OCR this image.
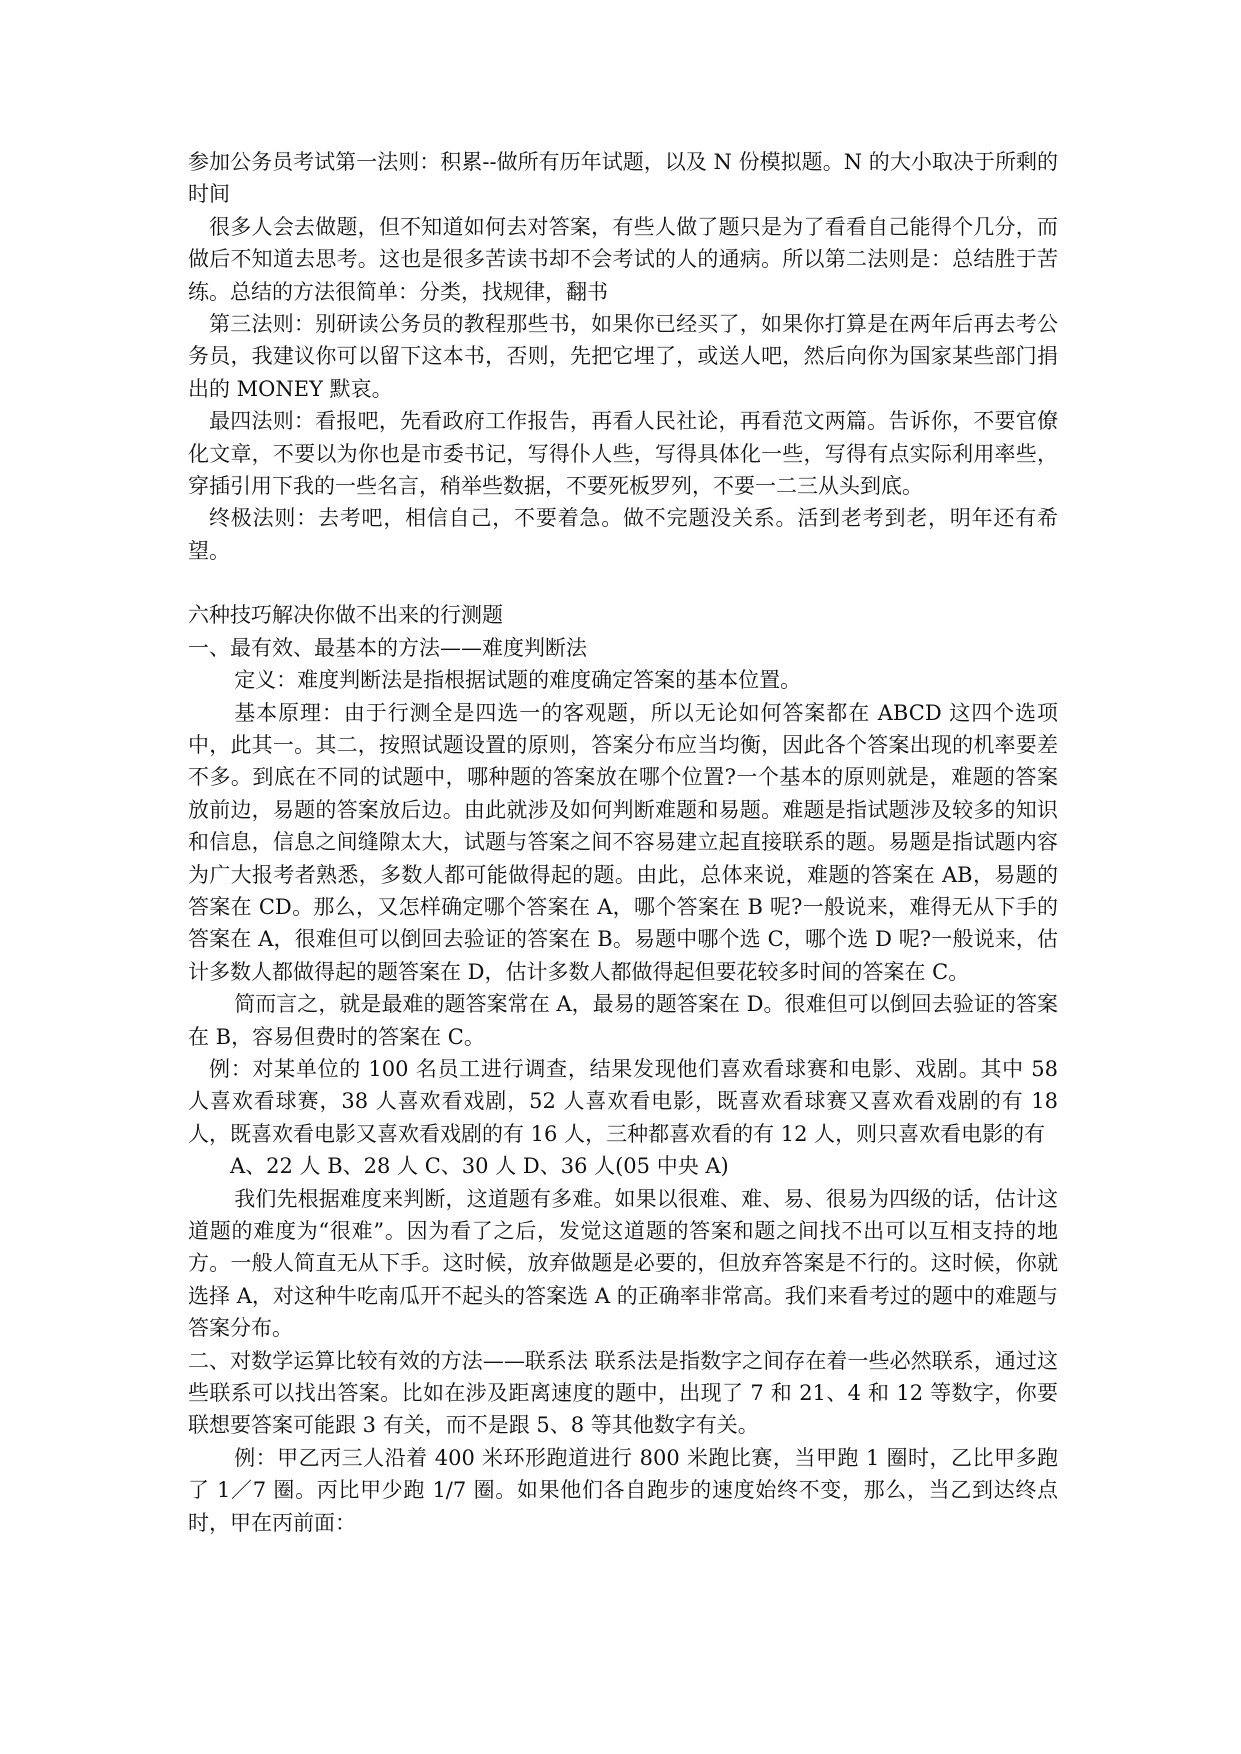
参加公务员考试第一法则：积累--做所有历年试题，以及 N 份模拟题。N 的大小取决于所剩的时间

很多人会去做题，但不知道如何去对答案，有些人做了题只是为了看看自己能得个几分，而做后不知道去思考。这也是很多苦读书却不会考试的人的通病。所以第二法则是：总结胜于苦练。总结的方法很简单：分类，找规律，翻书

第三法则：别研读公务员的教程那些书，如果你已经买了，如果你打算是在两年后再去考公务员，我建议你可以留下这本书，否则，先把它埋了，或送人吧，然后向你为国家某些部门捐出的 MONEY 默哀。

最四法则：看报吧，先看政府工作报告，再看人民社论，再看范文两篇。告诉你，不要官僚化文章，不要以为你也是市委书记，写得仆人些，写得具体化一些，写得有点实际利用率些，穿插引用下我的一些名言，稍举些数据，不要死板罗列，不要一二三从头到底。

终极法则：去考吧，相信自己，不要着急。做不完题没关系。活到老考到老，明年还有希望。

六种技巧解决你做不出来的行测题

一、最有效、最基本的方法——难度判断法

定义：难度判断法是指根据试题的难度确定答案的基本位置。

基本原理：由于行测全是四选一的客观题，所以无论如何答案都在 ABCD 这四个选项中，此其一。其二，按照试题设置的原则，答案分布应当均衡，因此各个答案出现的机率要差不多。到底在不同的试题中，哪种题的答案放在哪个位置?一个基本的原则就是，难题的答案放前边，易题的答案放后边。由此就涉及如何判断难题和易题。难题是指试题涉及较多的知识和信息，信息之间缝隙太大，试题与答案之间不容易建立起直接联系的题。易题是指试题内容为广大报考者熟悉，多数人都可能做得起的题。由此，总体来说，难题的答案在 AB，易题的答案在 CD。那么，又怎样确定哪个答案在 A，哪个答案在 B 呢?一般说来，难得无从下手的答案在 A，很难但可以倒回去验证的答案在 B。易题中哪个选 C，哪个选 D 呢?一般说来，估计多数人都做得起的题答案在 D，估计多数人都做得起但要花较多时间的答案在 C。

简而言之，就是最难的题答案常在 A，最易的题答案在 D。很难但可以倒回去验证的答案在 B，容易但费时的答案在 C。

例：对某单位的 100 名员工进行调查，结果发现他们喜欢看球赛和电影、戏剧。其中 58 人喜欢看球赛，38 人喜欢看戏剧，52 人喜欢看电影，既喜欢看球赛又喜欢看戏剧的有 18 人，既喜欢看电影又喜欢看戏剧的有 16 人，三种都喜欢看的有 12 人，则只喜欢看电影的有

A、22 人 B、28 人 C、30 人 D、36 人(05 中央 A)

我们先根据难度来判断，这道题有多难。如果以很难、难、易、很易为四级的话，估计这道题的难度为“很难”。因为看了之后，发觉这道题的答案和题之间找不出可以互相支持的地方。一般人简直无从下手。这时候，放弃做题是必要的，但放弃答案是不行的。这时候，你就选择 A，对这种牛吃南瓜开不起头的答案选 A 的正确率非常高。我们来看考过的题中的难题与答案分布。

二、对数学运算比较有效的方法——联系法 联系法是指数字之间存在着一些必然联系，通过这些联系可以找出答案。比如在涉及距离速度的题中，出现了 7 和 21、4 和 12 等数字，你要联想要答案可能跟 3 有关，而不是跟 5、8 等其他数字有关。

例：甲乙丙三人沿着 400 米环形跑道进行 800 米跑比赛，当甲跑 1 圈时，乙比甲多跑了 1／7 圈。丙比甲少跑 1/7 圈。如果他们各自跑步的速度始终不变，那么，当乙到达终点时，甲在丙前面：
